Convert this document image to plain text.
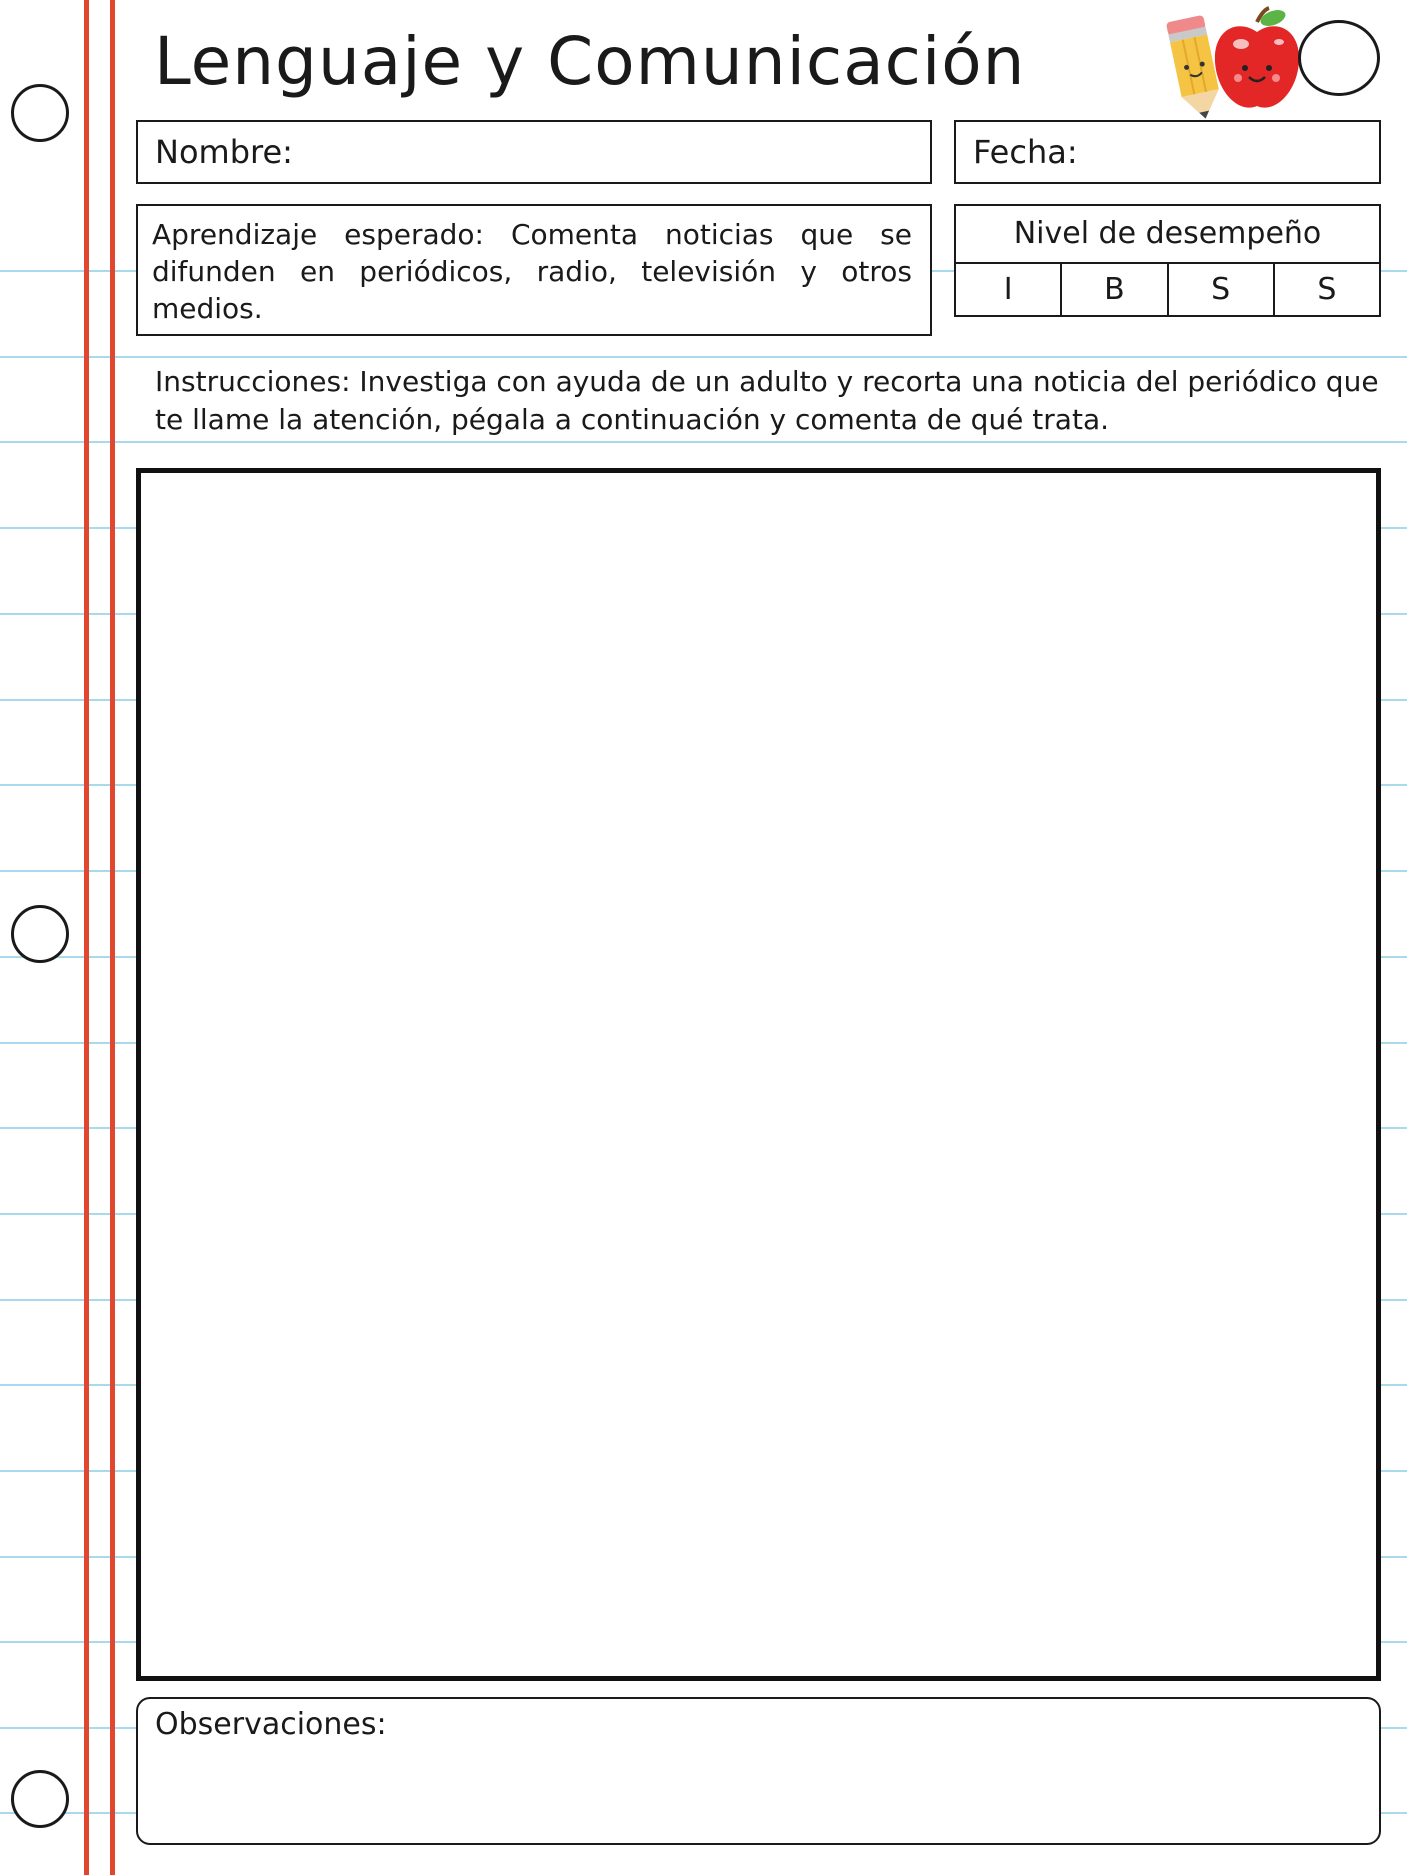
Lenguaje y Comunicación
Nombre:	Fecha:
Aprendizaje esperado: Comenta noticias que se difunden en periódicos, radio, televisión y otros medios.
Nivel de desempeño
I	B	S	S
Instrucciones: Investiga con ayuda de un adulto y recorta una noticia del periódico que te llame la atención, pégala a continuación y comenta de qué trata.
Observaciones:
